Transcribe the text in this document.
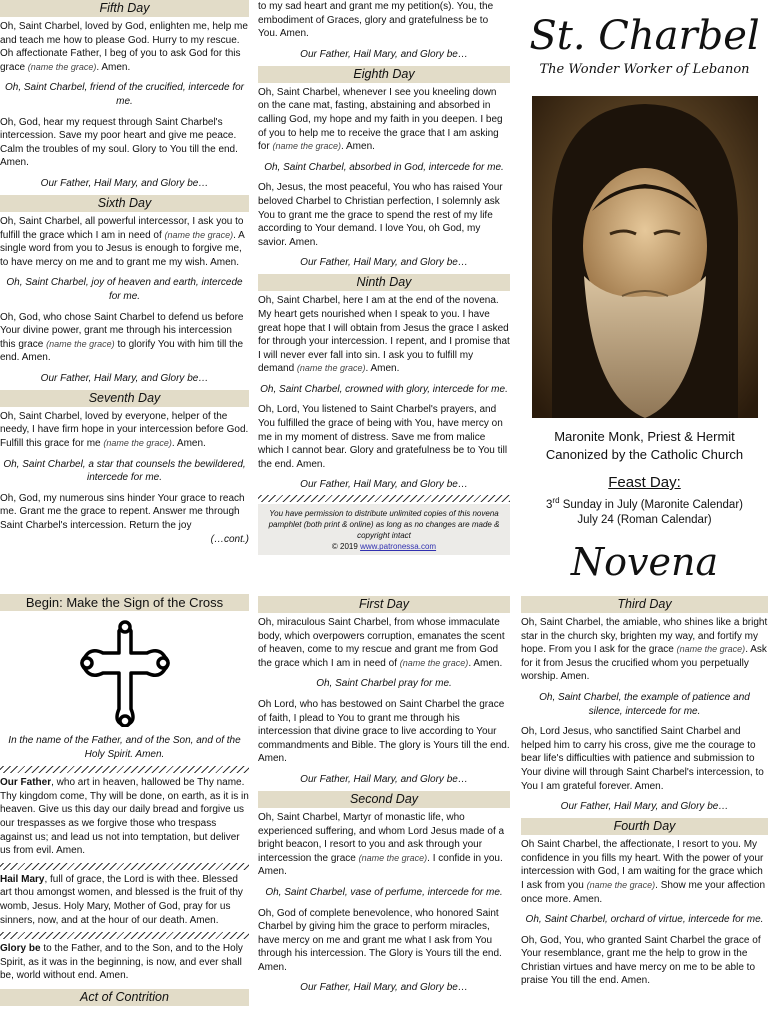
Fifth Day

Oh, Saint Charbel, loved by God, enlighten me, help me and teach me how to please God. Hurry to my rescue. Oh affectionate Father, I beg of you to ask God for this grace (name the grace). Amen.

Oh, Saint Charbel, friend of the crucified, intercede for me.

Oh, God, hear my request through Saint Charbel's intercession. Save my poor heart and give me peace. Calm the troubles of my soul. Glory to You till the end. Amen.

Our Father, Hail Mary, and Glory be…

Sixth Day

Oh, Saint Charbel, all powerful intercessor, I ask you to fulfill the grace which I am in need of (name the grace). A single word from you to Jesus is enough to forgive me, to have mercy on me and to grant me my wish. Amen.

Oh, Saint Charbel, joy of heaven and earth, intercede for me.

Oh, God, who chose Saint Charbel to defend us before Your divine power, grant me through his intercession this grace (name the grace) to glorify You with him till the end. Amen.

Our Father, Hail Mary, and Glory be…

Seventh Day

Oh, Saint Charbel, loved by everyone, helper of the needy, I have firm hope in your intercession before God. Fulfill this grace for me (name the grace). Amen.

Oh, Saint Charbel, a star that counsels the bewildered, intercede for me.

Oh, God, my numerous sins hinder Your grace to reach me. Grant me the grace to repent. Answer me through Saint Charbel's intercession. Return the joy

(…cont.)

Begin: Make the Sign of the Cross

In the name of the Father, and of the Son, and of the Holy Spirit. Amen.

Our Father, who art in heaven, hallowed be Thy name. Thy kingdom come, Thy will be done, on earth, as it is in heaven. Give us this day our daily bread and forgive us our trespasses as we forgive those who trespass against us; and lead us not into temptation, but deliver us from evil. Amen.

Hail Mary, full of grace, the Lord is with thee. Blessed art thou amongst women, and blessed is the fruit of thy womb, Jesus. Holy Mary, Mother of God, pray for us sinners, now, and at the hour of our death. Amen.

Glory be to the Father, and to the Son, and to the Holy Spirit, as it was in the beginning, is now, and ever shall be, world without end. Amen.

Act of Contrition

to my sad heart and grant me my petition(s). You, the embodiment of Graces, glory and gratefulness be to You. Amen.

Our Father, Hail Mary, and Glory be…

Eighth Day

Oh, Saint Charbel, whenever I see you kneeling down on the cane mat, fasting, abstaining and absorbed in calling God, my hope and my faith in you deepen. I beg of you to help me to receive the grace that I am asking for (name the grace). Amen.

Oh, Saint Charbel, absorbed in God, intercede for me.

Oh, Jesus, the most peaceful, You who has raised Your beloved Charbel to Christian perfection, I solemnly ask You to grant me the grace to spend the rest of my life according to Your demand. I love You, oh God, my savior. Amen.

Our Father, Hail Mary, and Glory be…

Ninth Day

Oh, Saint Charbel, here I am at the end of the novena. My heart gets nourished when I speak to you. I have great hope that I will obtain from Jesus the grace I asked for through your intercession. I repent, and I promise that I will never ever fall into sin. I ask you to fulfill my demand (name the grace). Amen.

Oh, Saint Charbel, crowned with glory, intercede for me.

Oh, Lord, You listened to Saint Charbel's prayers, and You fulfilled the grace of being with You, have mercy on me in my moment of distress. Save me from malice which I cannot bear. Glory and gratefulness be to You till the end. Amen.

Our Father, Hail Mary, and Glory be…

You have permission to distribute unlimited copies of this novena pamphlet (both print & online) as long as no changes are made & copyright intact
© 2019 www.patronessa.com
First Day

Oh, miraculous Saint Charbel, from whose immaculate body, which overpowers corruption, emanates the scent of heaven, come to my rescue and grant me from God the grace which I am in need of (name the grace). Amen.

Oh, Saint Charbel pray for me.

Oh Lord, who has bestowed on Saint Charbel the grace of faith, I plead to You to grant me through his intercession that divine grace to live according to Your commandments and Bible. The glory is Yours till the end. Amen.

Our Father, Hail Mary, and Glory be…

Second Day

Oh, Saint Charbel, Martyr of monastic life, who experienced suffering, and whom Lord Jesus made of a bright beacon, I resort to you and ask through your intercession the grace (name the grace). I confide in you. Amen.

Oh, Saint Charbel, vase of perfume, intercede for me.

Oh, God of complete benevolence, who honored Saint Charbel by giving him the grace to perform miracles, have mercy on me and grant me what I ask from You through his intercession. The Glory is Yours till the end. Amen.

Our Father, Hail Mary, and Glory be…

St. Charbel
The Wonder Worker of Lebanon
Maronite Monk, Priest & Hermit
Canonized by the Catholic Church
Feast Day:
3rd Sunday in July (Maronite Calendar)
July 24 (Roman Calendar)
Novena
Third Day

Oh, Saint Charbel, the amiable, who shines like a bright star in the church sky, brighten my way, and fortify my hope. From you I ask for the grace (name the grace). Ask for it from Jesus the crucified whom you perpetually worship. Amen.

Oh, Saint Charbel, the example of patience and silence, intercede for me.

Oh, Lord Jesus, who sanctified Saint Charbel and helped him to carry his cross, give me the courage to bear life's difficulties with patience and submission to Your divine will through Saint Charbel's intercession, to You I am grateful forever. Amen.

Our Father, Hail Mary, and Glory be…

Fourth Day

Oh Saint Charbel, the affectionate, I resort to you. My confidence in you fills my heart. With the power of your intercession with God, I am waiting for the grace which I ask from you (name the grace). Show me your affection once more. Amen.

Oh, Saint Charbel, orchard of virtue, intercede for me.

Oh, God, You, who granted Saint Charbel the grace of Your resemblance, grant me the help to grow in the Christian virtues and have mercy on me to be able to praise You till the end. Amen.
